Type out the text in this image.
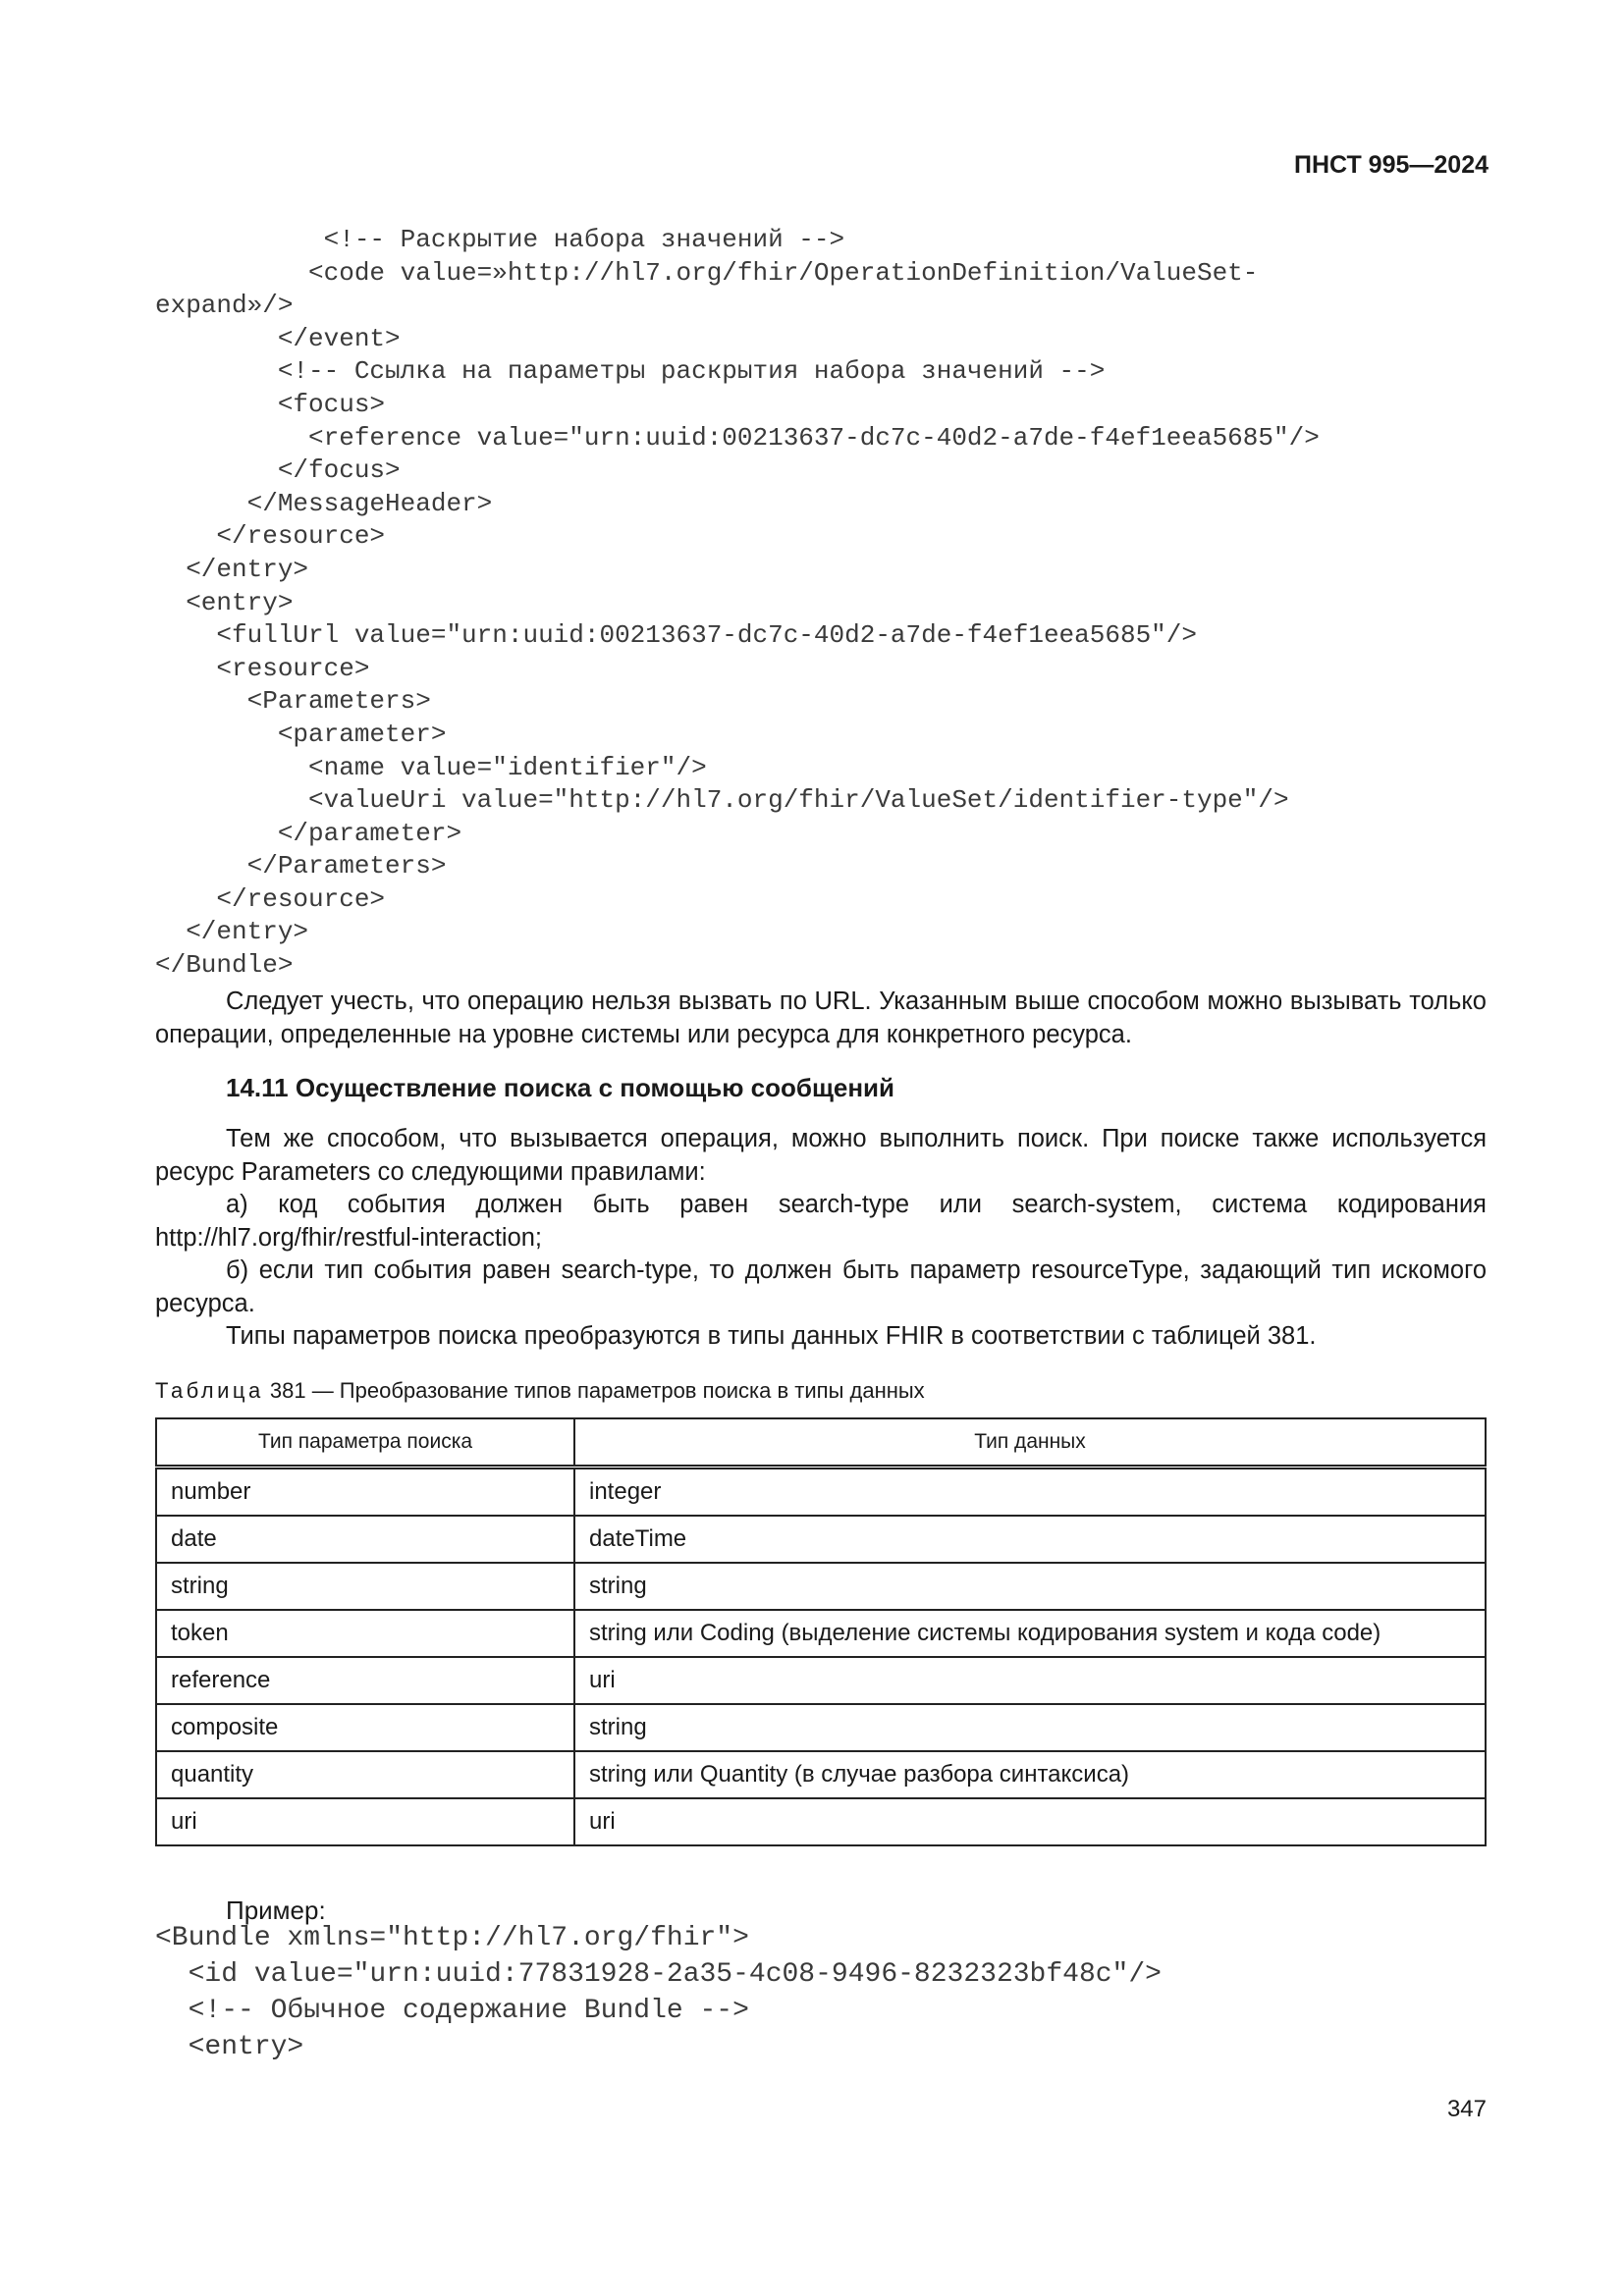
ПНСТ 995—2024
<!-- Раскрытие набора значений -->
<code value=»http://hl7.org/fhir/OperationDefinition/ValueSet-
expand»/>
</event>
<!-- Ссылка на параметры раскрытия набора значений -->
<focus>
<reference value="urn:uuid:00213637-dc7c-40d2-a7de-f4ef1eea5685"/>
</focus>
</MessageHeader>
</resource>
</entry>
<entry>
<fullUrl value="urn:uuid:00213637-dc7c-40d2-a7de-f4ef1eea5685"/>
<resource>
<Parameters>
<parameter>
<name value="identifier"/>
<valueUri value="http://hl7.org/fhir/ValueSet/identifier-type"/>
</parameter>
</Parameters>
</resource>
</entry>
</Bundle>

Следует учесть, что операцию нельзя вызвать по URL. Указанным выше способом можно вызывать только операции, определенные на уровне системы или ресурса для конкретного ресурса.

14.11 Осуществление поиска с помощью сообщений

Тем же способом, что вызывается операция, можно выполнить поиск. При поиске также используется ресурс Parameters со следующими правилами:

а) код события должен быть равен search-type или search-system, система кодирования http://hl7.org/fhir/restful-interaction;

б) если тип события равен search-type, то должен быть параметр resourceType, задающий тип искомого ресурса.

Типы параметров поиска преобразуются в типы данных FHIR в соответствии с таблицей 381.

Таблица 381 — Преобразование типов параметров поиска в типы данных

Тип параметра поиска	Тип данных
number	integer
date	dateTime
string	string
token	string или Coding (выделение системы кодирования system и кода code)
reference	uri
composite	string
quantity	string или Quantity (в случае разбора синтаксиса)
uri	uri

Пример:

<Bundle xmlns="http://hl7.org/fhir">
<id value="urn:uuid:77831928-2a35-4c08-9496-8232323bf48c"/>
<!-- Обычное содержание Bundle -->
<entry>
347
